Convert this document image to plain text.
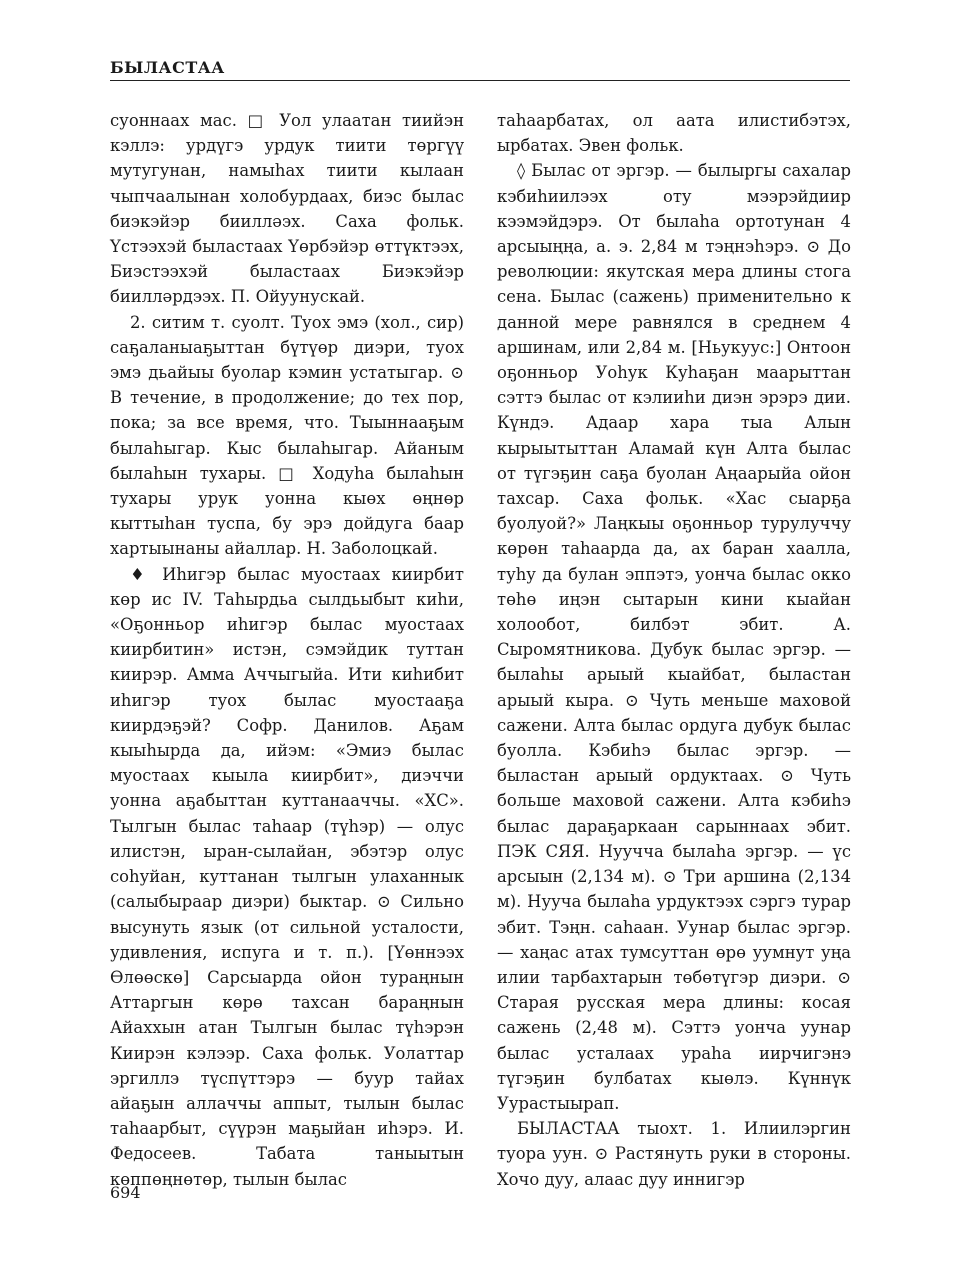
БЫЛАСТАА

суоннаах мас. □ Уол улаатан тиийэн кэллэ: урдүгэ урдук тиити төргүү мутугунан, намыһах тиити кылаан чыпчаалынан холобурдаах, биэс былас биэкэйэр биилләэх. Саха фольк. Үстээхэй быластаах Үөрбэйэр өттүктээх, Биэстээхэй быластаах Биэкэйэр биилләрдээх. П. Ойуунускай.

2. ситим т. суолт. Туох эмэ (хол., сир) саҕаланыаҕыттан бүтүөр диэри, туох эмэ дьайыы буолар кэмин устатыгар. ⊙ В течение, в продолжение; до тех пор, пока; за все время, что. Тыыннааҕым былаһыгар. Кыс былаһыгар. Айаным былаһын тухары. □ Ходуһа былаһын тухары урук уонна кыөх өңнөр кыттыһан туспа, бу эрэ дойдуга баар хартыынаны айаллар. Н. Заболоцкай.

♦ Иһигэр былас муостаах киирбит көр ис IV. Таһырдьа сылдьыбыт киһи, «Оҕонньор иһигэр былас муостаах киирбитин» истэн, сэмэйдик туттан киирэр. Амма Аччыгыйа. Ити киһибит иһигэр туох былас муостааҕа киирдэҕэй? Софр. Данилов. Аҕам кыыһырда да, ийэм: «Эмиэ былас муостаах кыыла киирбит», диэччи уонна аҕабыттан куттанааччы. «ХС». Тылгын былас таһаар (түһэр) — олус илистэн, ыран-сылайан, эбэтэр олус соһуйан, куттанан тылгын улаханнык (салыбыраар диэри) быктар. ⊙ Сильно высунуть язык (от сильной усталости, удивления, испуга и т. п.). [Үөннээх Өлөөскө] Сарсыарда ойон тураңнын Аттаргын көрө тахсан бараңнын Айаххын атан Тылгын былас түһэрэн Киирэн кэлээр. Саха фольк. Уолаттар эргиллэ түспүттэрэ — буур тайах айаҕын аллаччы аппыт, тылын былас таһаарбыт, сүүрэн маҕыйан иһэрэ. И. Федосеев. Табата таныытын көппөңнөтөр, тылын былас

таһаарбатах, ол аата илистибэтэх, ырбатах. Эвен фольк.

◊ Былас от эргэр. — былыргы сахалар кэбиһиилээх оту мээрэйдиир кээмэйдэрэ. От былаһа ортотунан 4 арсыыңңа, а. э. 2,84 м тэңнэһэрэ. ⊙ До революции: якутская мера длины стога сена. Былас (сажень) применительно к данной мере равнялся в среднем 4 аршинам, или 2,84 м. [Ньукуус:] Онтоон оҕонньор Уоһук Куһаҕан маарыттан сэттэ былас от кэлииһи диэн эрэрэ дии. Күндэ. Адаар хара тыа Алын кырыытыттан Аламай күн Алта былас от түгэҕин саҕа буолан Аңаарыйа ойон тахсар. Саха фольк. «Хас сыарҕа буолуой?» Лаңкыы оҕонньор турулуччу көрөн таһаарда да, ах баран хаалла, туһу да булан эппэтэ, уонча былас окко төһө иңэн сытарын кини кыайан холообот, билбэт эбит. А. Сыромятникова. Дубук былас эргэр. — былаһы арыый кыайбат, быластан арыый кыра. ⊙ Чуть меньше маховой сажени. Алта былас ордуга дубук былас буолла. Кэбиһэ былас эргэр. — быластан арыый ордуктаах. ⊙ Чуть больше маховой сажени. Алта кэбиһэ былас дараҕаркаан сарыннаах эбит. ПЭК СЯЯ. Нууччa былаһа эргэр. — үс арсыын (2,134 м). ⊙ Три аршина (2,134 м). Нууча былаһа урдуктээх сэргэ турар эбит. Тэңн. саһаан. Уунар былас эргэр. — хаңас атах тумсуттан өрө уумнут уңа илии тарбахтарын төбөтүгэр диэри. ⊙ Старая русская мера длины: косая сажень (2,48 м). Сэттэ уонча уунар былас усталаах ураһа иирчигэнэ түгэҕин булбатах кыөлэ. Күннүк Уурастыырап.

БЫЛАСТАА тыохт. 1. Илиилэргин туора уун. ⊙ Растянуть руки в стороны. Хочо дуу, алаас дуу иннигэр

694
